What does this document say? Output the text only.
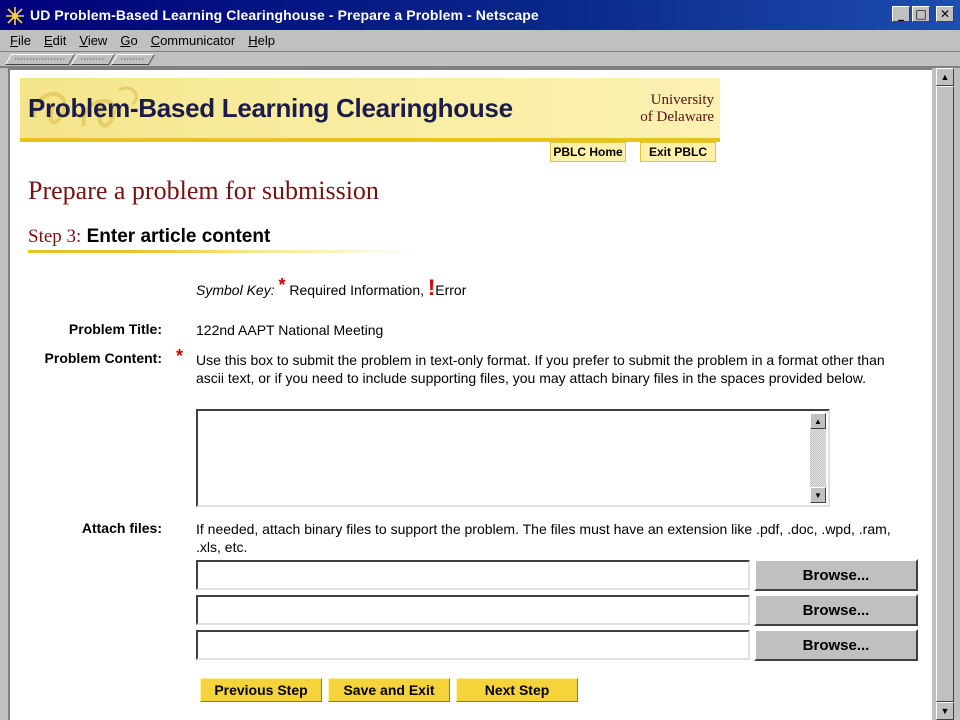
UD Problem-Based Learning Clearinghouse - Prepare a Problem - Netscape	_ □	✕
File Edit View Go Communicator Help
Problem-Based Learning Clearinghouse	University
of Delaware
PBLC Home	Exit PBLC
Prepare a problem for submission
Step 3: Enter article content
Symbol Key: * Required Information, !Error
Problem Title: 122nd AAPT National Meeting
Problem Content: * Use this box to submit the problem in text-only format. If you prefer to submit the problem in a format other than ascii text, or if you need to include supporting files, you may attach binary files in the spaces provided below.
▲
▼
Attach files: If needed, attach binary files to support the problem. The files must have an extension like .pdf, .doc, .wpd, .ram, .xls, etc.
Browse...
Browse...
Browse...
Previous Step	Save and Exit	Next Step
▲
▼
